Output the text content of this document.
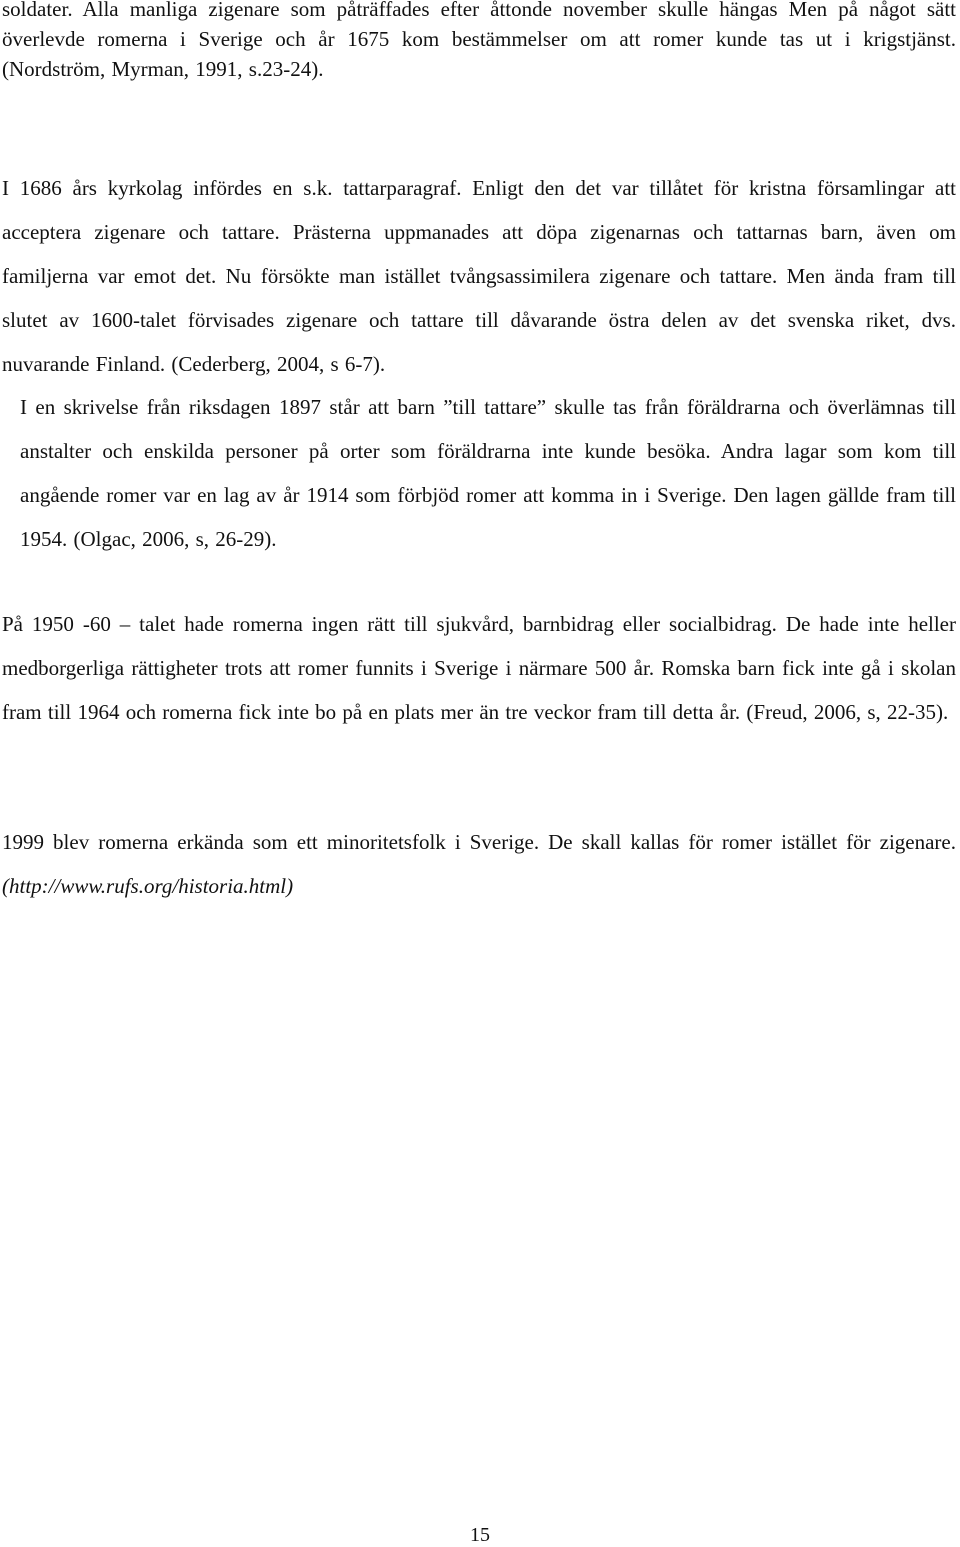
soldater. Alla manliga zigenare som påträffades efter åttonde november skulle hängas Men på något sätt överlevde romerna i Sverige och år 1675 kom bestämmelser om att romer kunde tas ut i krigstjänst. (Nordström, Myrman, 1991, s.23-24).

I 1686 års kyrkolag infördes en s.k. tattarparagraf. Enligt den det var tillåtet för kristna församlingar att acceptera zigenare och tattare. Prästerna uppmanades att döpa zigenarnas och tattarnas barn, även om familjerna var emot det. Nu försökte man istället tvångsassimilera zigenare och tattare. Men ända fram till slutet av 1600-talet förvisades zigenare och tattare till dåvarande östra delen av det svenska riket, dvs. nuvarande Finland. (Cederberg, 2004, s 6-7).

I en skrivelse från riksdagen 1897 står att barn ”till tattare” skulle tas från föräldrarna och överlämnas till anstalter och enskilda personer på orter som föräldrarna inte kunde besöka. Andra lagar som kom till angående romer var en lag av år 1914 som förbjöd romer att komma in i Sverige. Den lagen gällde fram till 1954. (Olgac, 2006, s, 26-29).

På 1950 -60 – talet hade romerna ingen rätt till sjukvård, barnbidrag eller socialbidrag. De hade inte heller medborgerliga rättigheter trots att romer funnits i Sverige i närmare 500 år. Romska barn fick inte gå i skolan fram till 1964 och romerna fick inte bo på en plats mer än tre veckor fram till detta år. (Freud, 2006, s, 22-35).

1999 blev romerna erkända som ett minoritetsfolk i Sverige. De skall kallas för romer istället för zigenare. (http://www.rufs.org/historia.html)

15
